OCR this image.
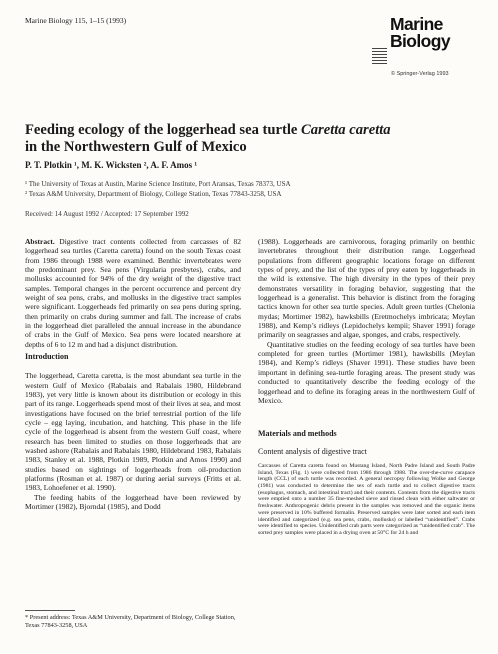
Marine Biology 115, 1–15 (1993)	Marine
Biology
© Springer-Verlag 1993
Feeding ecology of the loggerhead sea turtle Caretta caretta
in the Northwestern Gulf of Mexico
P. T. Plotkin ¹, M. K. Wicksten ², A. F. Amos ¹
¹ The University of Texas at Austin, Marine Science Institute, Port Aransas, Texas 78373, USA
² Texas A&M University, Department of Biology, College Station, Texas 77843-3258, USA
Received: 14 August 1992 / Accepted: 17 September 1992

Abstract. Digestive tract contents collected from carcasses of 82 loggerhead sea turtles (Caretta caretta) found on the south Texas coast from 1986 through 1988 were examined. Benthic invertebrates were the predominant prey. Sea pens (Virgularia presbytes), crabs, and mollusks accounted for 94% of the dry weight of the digestive tract samples. Temporal changes in the percent occurrence and percent dry weight of sea pens, crabs, and mollusks in the digestive tract samples were significant. Loggerheads fed primarily on sea pens during spring, then primarily on crabs during summer and fall. The increase of crabs in the loggerhead diet paralleled the annual increase in the abundance of crabs in the Gulf of Mexico. Sea pens were located nearshore at depths of 6 to 12 m and had a disjunct distribution.

Introduction

The loggerhead, Caretta caretta, is the most abundant sea turtle in the western Gulf of Mexico (Rabalais and Rabalais 1980, Hildebrand 1983), yet very little is known about its distribution or ecology in this part of its range. Loggerheads spend most of their lives at sea, and most investigations have focused on the brief terrestrial portion of the life cycle – egg laying, incubation, and hatching. This phase in the life cycle of the loggerhead is absent from the western Gulf coast, where research has been limited to studies on those loggerheads that are washed ashore (Rabalais and Rabalais 1980, Hildebrand 1983, Rabalais 1983, Stanley et al. 1988, Plotkin 1989, Plotkin and Amos 1990) and studies based on sightings of loggerheads from oil-production platforms (Rosman et al. 1987) or during aerial surveys (Fritts et al. 1983, Lohoefener et al. 1990).

The feeding habits of the loggerhead have been reviewed by Mortimer (1982), Bjorndal (1985), and Dodd

* Present address: Texas A&M University, Department of Biology, College Station, Texas 77843-3258, USA

(1988). Loggerheads are carnivorous, foraging primarily on benthic invertebrates throughout their distribution range. Loggerhead populations from different geographic locations forage on different types of prey, and the list of the types of prey eaten by loggerheads in the wild is extensive. The high diversity in the types of their prey demonstrates versatility in foraging behavior, suggesting that the loggerhead is a generalist. This behavior is distinct from the foraging tactics known for other sea turtle species. Adult green turtles (Chelonia mydas; Mortimer 1982), hawksbills (Eretmochelys imbricata; Meylan 1988), and Kemp’s ridleys (Lepidochelys kempii; Shaver 1991) forage primarily on seagrasses and algae, sponges, and crabs, respectively.

Quantitative studies on the feeding ecology of sea turtles have been completed for green turtles (Mortimer 1981), hawksbills (Meylan 1984), and Kemp’s ridleys (Shaver 1991). These studies have been important in defining sea-turtle foraging areas. The present study was conducted to quantitatively describe the feeding ecology of the loggerhead and to define its foraging areas in the northwestern Gulf of Mexico.

Materials and methods
Content analysis of digestive tract

Carcasses of Caretta caretta found on Mustang Island, North Padre Island and South Padre Island, Texas (Fig. 1) were collected from 1986 through 1988. The over-the-curve carapace length (CCL) of each turtle was recorded. A general necropsy following Wolke and George (1981) was conducted to determine the sex of each turtle and to collect digestive tracts (esophagus, stomach, and intestinal tract) and their contents. Contents from the digestive tracts were emptied onto a number 35 fine-meshed sieve and rinsed clean with either saltwater or freshwater. Anthropogenic debris present in the samples was removed and the organic items were preserved in 10% buffered formalin. Preserved samples were later sorted and each item identified and categorized (e.g. sea pens, crabs, mollusks) or labelled “unidentified”. Crabs were identified to species. Unidentified crab parts were categorized as “unidentified crab”. The sorted prey samples were placed in a drying oven at 50°C for 24 h and
